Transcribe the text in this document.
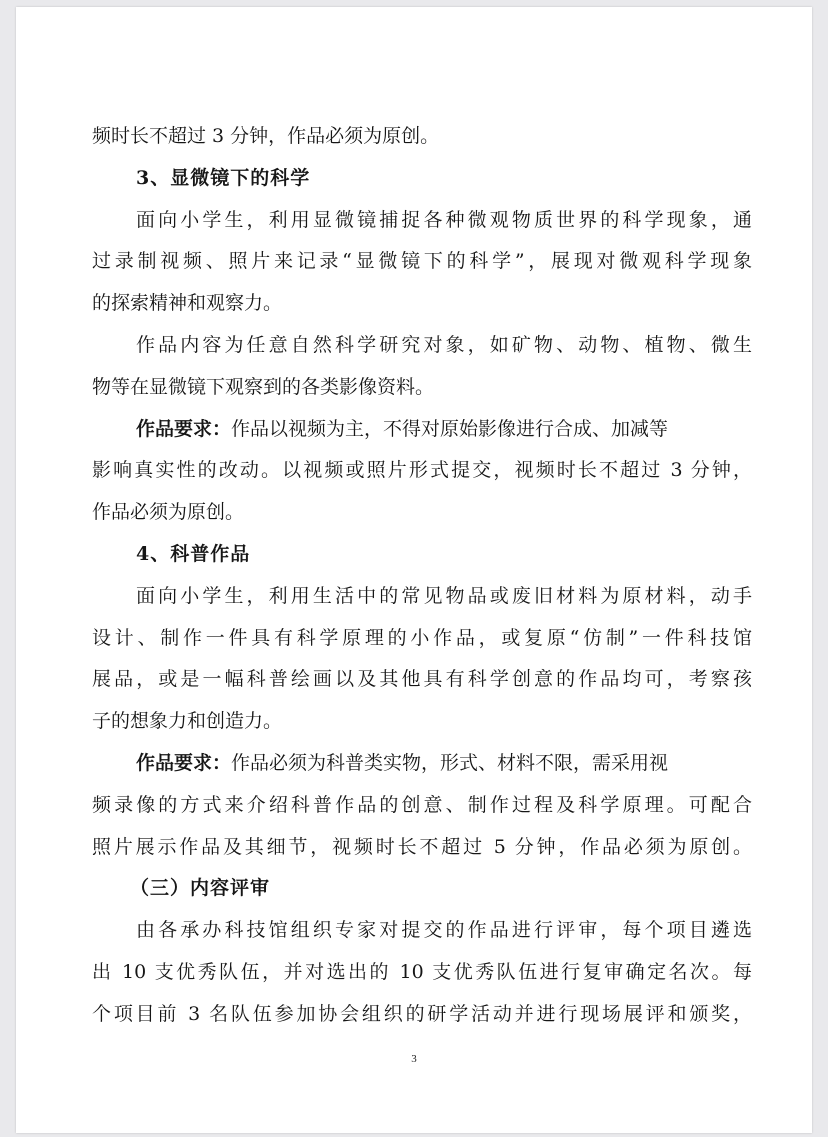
频时长不超过 3 分钟，作品必须为原创。
3、显微镜下的科学
面向小学生，利用显微镜捕捉各种微观物质世界的科学现象，通
过录制视频、照片来记录“显微镜下的科学”，展现对微观科学现象
的探索精神和观察力。
作品内容为任意自然科学研究对象，如矿物、动物、植物、微生
物等在显微镜下观察到的各类影像资料。
作品要求：作品以视频为主，不得对原始影像进行合成、加减等
影响真实性的改动。以视频或照片形式提交，视频时长不超过 3 分钟，
作品必须为原创。
4、科普作品
面向小学生，利用生活中的常见物品或废旧材料为原材料，动手
设计、制作一件具有科学原理的小作品，或复原“仿制”一件科技馆
展品，或是一幅科普绘画以及其他具有科学创意的作品均可，考察孩
子的想象力和创造力。
作品要求：作品必须为科普类实物，形式、材料不限，需采用视
频录像的方式来介绍科普作品的创意、制作过程及科学原理。可配合
照片展示作品及其细节，视频时长不超过 5 分钟，作品必须为原创。
（三）内容评审
由各承办科技馆组织专家对提交的作品进行评审，每个项目遴选
出 10 支优秀队伍，并对选出的 10 支优秀队伍进行复审确定名次。每
个项目前 3 名队伍参加协会组织的研学活动并进行现场展评和颁奖，
3
